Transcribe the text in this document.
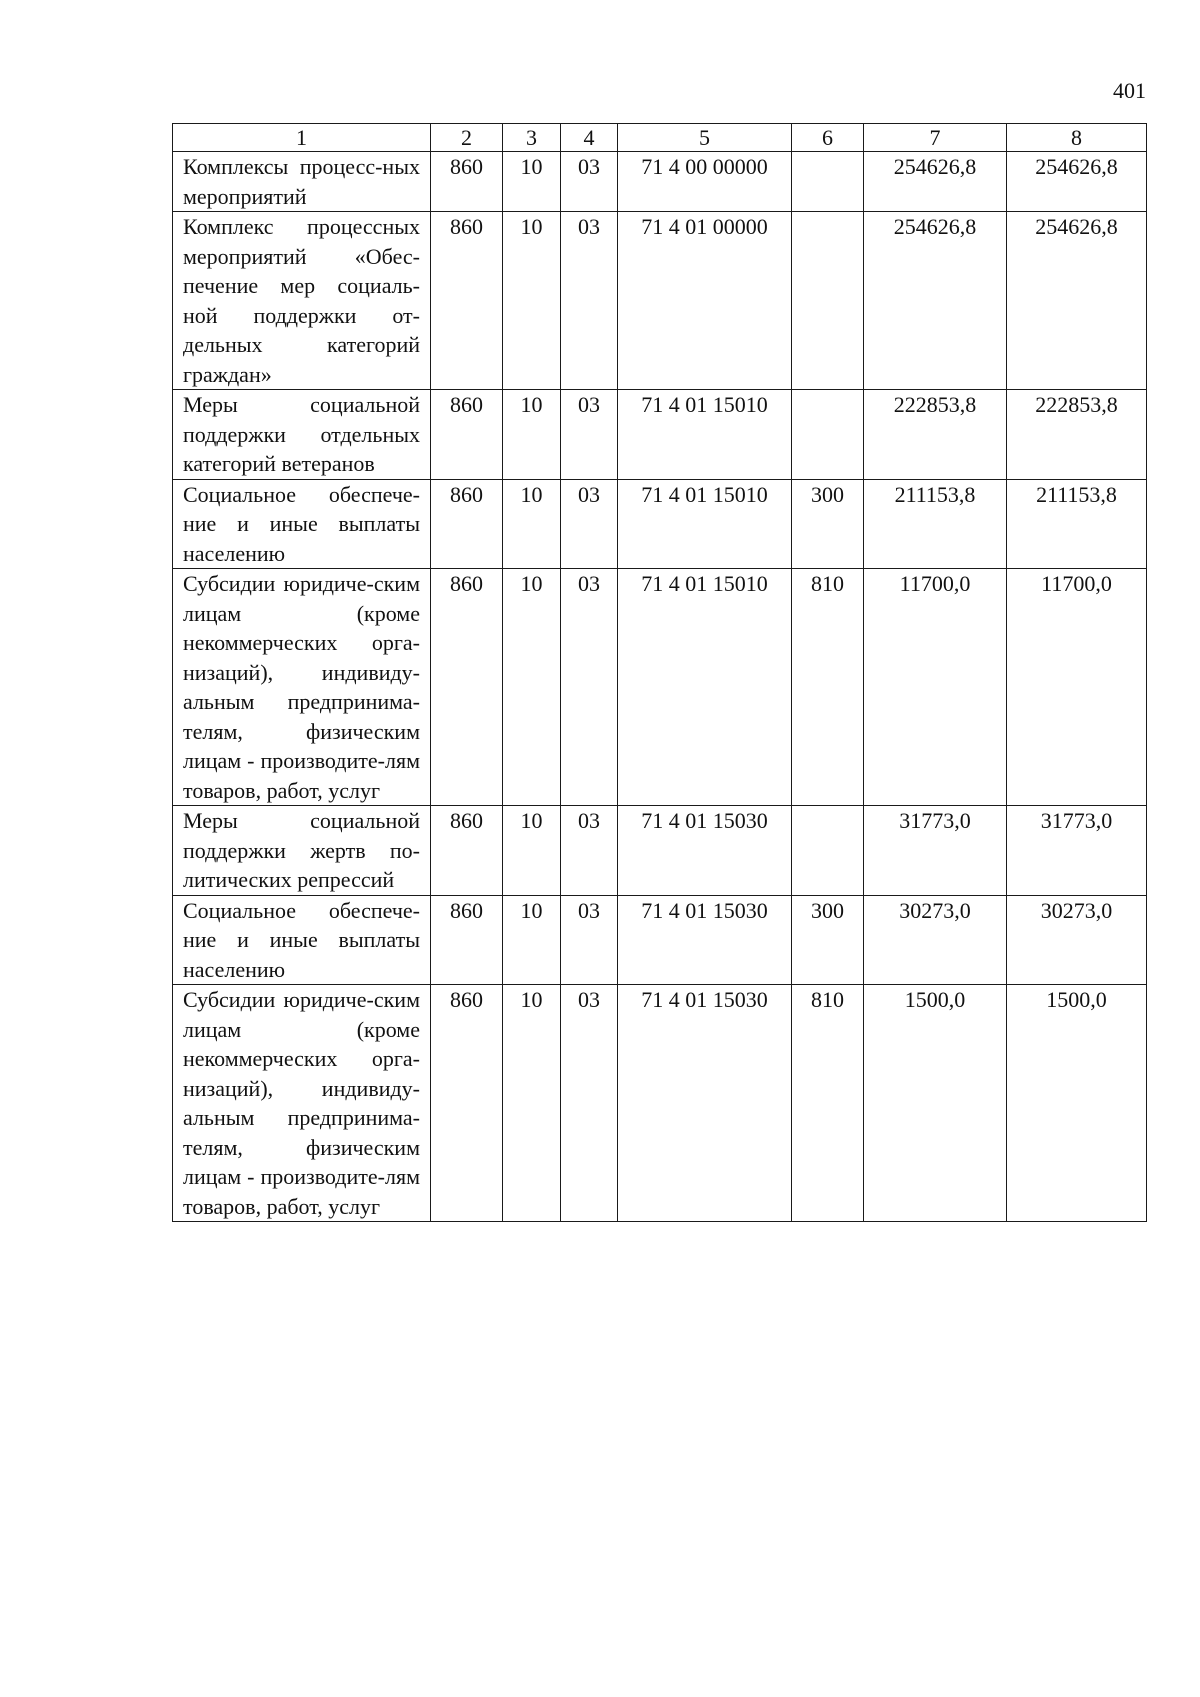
401
1	2	3	4	5	6	7	8
Комплексы процесс-ных мероприятий	860	10	03	71 4 00 00000		254626,8	254626,8
Комплекс процессных мероприятий «Обес-печение мер социаль-ной поддержки от-дельных категорий граждан»	860	10	03	71 4 01 00000		254626,8	254626,8
Меры социальной поддержки отдельных категорий ветеранов	860	10	03	71 4 01 15010		222853,8	222853,8
Социальное обеспече-ние и иные выплаты населению	860	10	03	71 4 01 15010	300	211153,8	211153,8
Субсидии юридиче-ским лицам (кроме некоммерческих орга-низаций), индивиду-альным предпринима-телям, физическим лицам - производите-лям товаров, работ, услуг	860	10	03	71 4 01 15010	810	11700,0	11700,0
Меры социальной поддержки жертв по-литических репрессий	860	10	03	71 4 01 15030		31773,0	31773,0
Социальное обеспече-ние и иные выплаты населению	860	10	03	71 4 01 15030	300	30273,0	30273,0
Субсидии юридиче-ским лицам (кроме некоммерческих орга-низаций), индивиду-альным предпринима-телям, физическим лицам - производите-лям товаров, работ, услуг	860	10	03	71 4 01 15030	810	1500,0	1500,0
